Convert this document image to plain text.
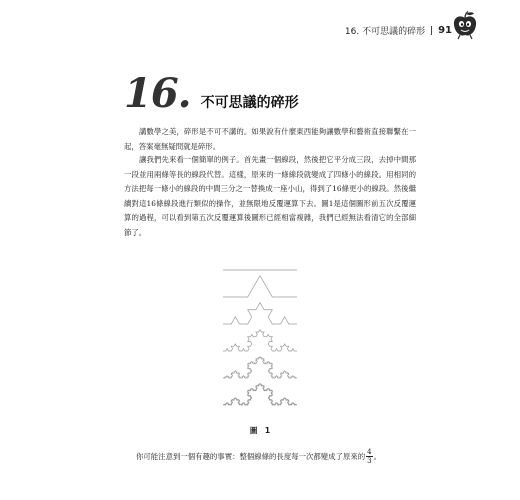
16. 不可思議的碎形 91
16. 不可思議的碎形

講數學之美，碎形是不可不講的。如果說有什麼東西能夠讓數學和藝術直接聯繫在一起，答案毫無疑問就是碎形。

讓我們先來看一個簡單的例子。首先畫一個線段，然後把它平分成三段，去掉中間那一段並用兩條等長的線段代替。這樣，原來的一條線段就變成了四條小的線段。用相同的方法把每一條小的線段的中間三分之一替換成一座小山，得到了16條更小的線段。然後繼續對這16條線段進行類似的操作，並無限地反覆運算下去。圖1是這個圖形前五次反覆運算的過程，可以看到第五次反覆運算後圖形已經相當複雜，我們已經無法看清它的全部細節了。

圖　1
你可能注意到一個有趣的事實：整個線條的長度每一次都變成了原來的 $\frac{4}{3}$ 。
